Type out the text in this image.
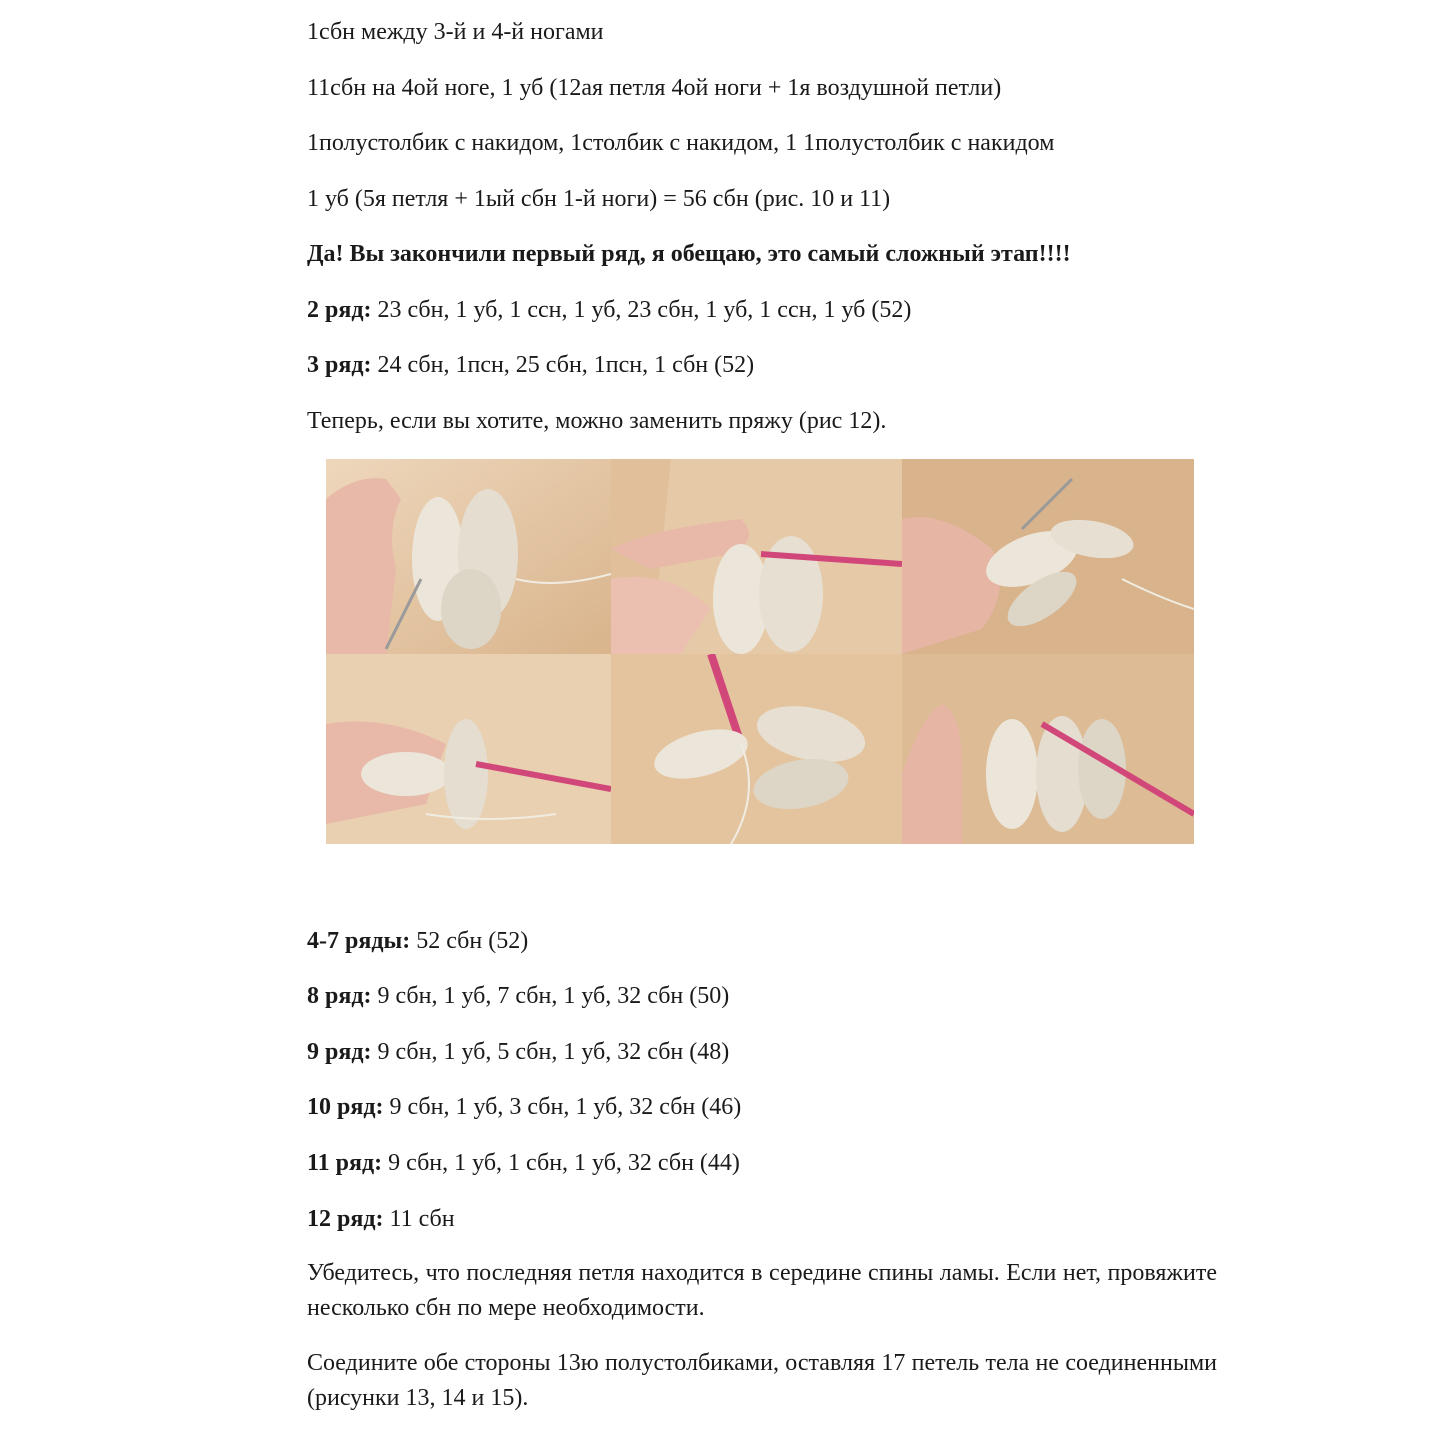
1сбн между 3-й и 4-й ногами
11сбн на 4ой ноге, 1 уб (12ая петля 4ой ноги + 1я воздушной петли)
1полустолбик с накидом, 1столбик с накидом, 1 1полустолбик с накидом
1 уб (5я петля + 1ый сбн 1-й ноги) = 56 сбн (рис. 10 и 11)
Да! Вы закончили первый ряд, я обещаю, это самый сложный этап!!!!
2 ряд: 23 сбн, 1 уб, 1 ссн, 1 уб, 23 сбн, 1 уб, 1 ссн, 1 уб (52)
3 ряд: 24 сбн, 1псн, 25 сбн, 1псн, 1 сбн (52)
Теперь, если вы хотите, можно заменить пряжу (рис 12).
4-7 ряды: 52 сбн (52)
8 ряд: 9 сбн, 1 уб, 7 сбн, 1 уб, 32 сбн (50)
9 ряд: 9 сбн, 1 уб, 5 сбн, 1 уб, 32 сбн (48)
10 ряд: 9 сбн, 1 уб, 3 сбн, 1 уб, 32 сбн (46)
11 ряд: 9 сбн, 1 уб, 1 сбн, 1 уб, 32 сбн (44)
12 ряд: 11 сбн
Убедитесь, что последняя петля находится в середине спины ламы. Если нет, провяжите несколько сбн по мере необходимости.
Соедините обе стороны 13ю полустолбиками, оставляя 17 петель тела не соединенными (рисунки 13, 14 и 15).
